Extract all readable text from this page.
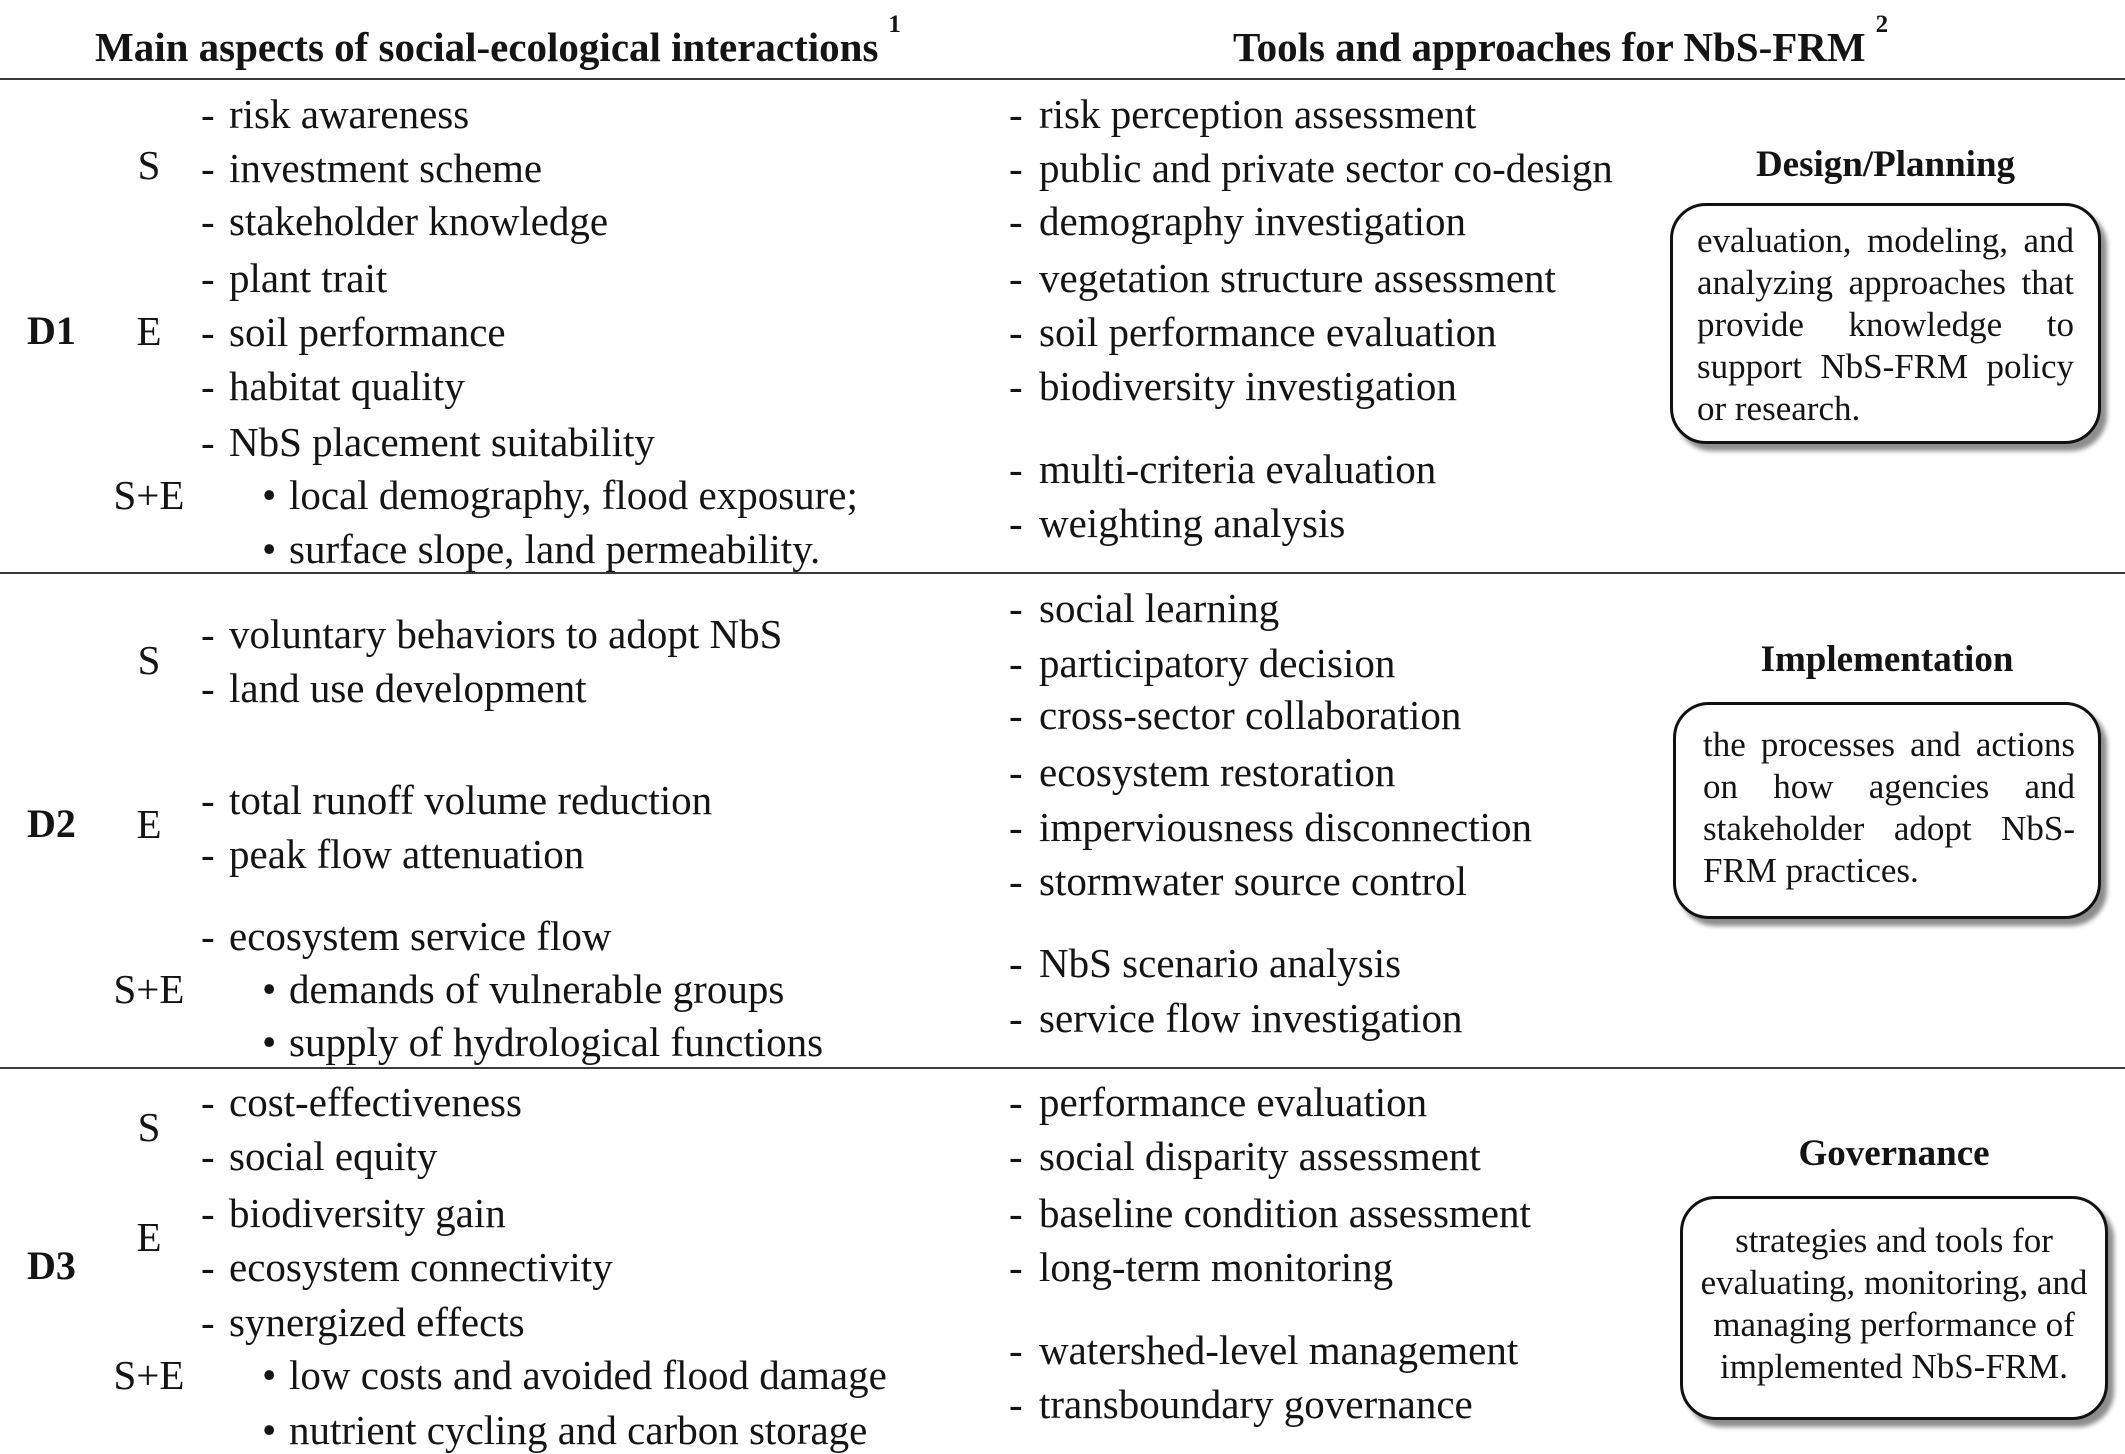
Main aspects of social-ecological interactions 1	Tools and approaches for NbS-FRM 2
D1
S
E
S+E
- risk awareness
- investment scheme
- stakeholder knowledge
- plant trait
- soil performance
- habitat quality
- NbS placement suitability
• local demography, flood exposure;
• surface slope, land permeability.
- risk perception assessment
- public and private sector co-design
- demography investigation
- vegetation structure assessment
- soil performance evaluation
- biodiversity investigation
- multi-criteria evaluation
- weighting analysis
Design/Planning
evaluation, modeling, and
analyzing approaches that
provide knowledge to
support NbS-FRM policy
or research.
D2
S
E
S+E
- voluntary behaviors to adopt NbS
- land use development
- total runoff volume reduction
- peak flow attenuation
- ecosystem service flow
• demands of vulnerable groups
• supply of hydrological functions
- social learning
- participatory decision
- cross-sector collaboration
- ecosystem restoration
- imperviousness disconnection
- stormwater source control
- NbS scenario analysis
- service flow investigation
Implementation
the processes and actions
on how agencies and
stakeholder adopt NbS-
FRM practices.
D3
S
E
S+E
- cost-effectiveness
- social equity
- biodiversity gain
- ecosystem connectivity
- synergized effects
• low costs and avoided flood damage
• nutrient cycling and carbon storage
- performance evaluation
- social disparity assessment
- baseline condition assessment
- long-term monitoring
- watershed-level management
- transboundary governance
Governance
strategies and tools for
evaluating, monitoring, and
managing performance of
implemented NbS-FRM.
